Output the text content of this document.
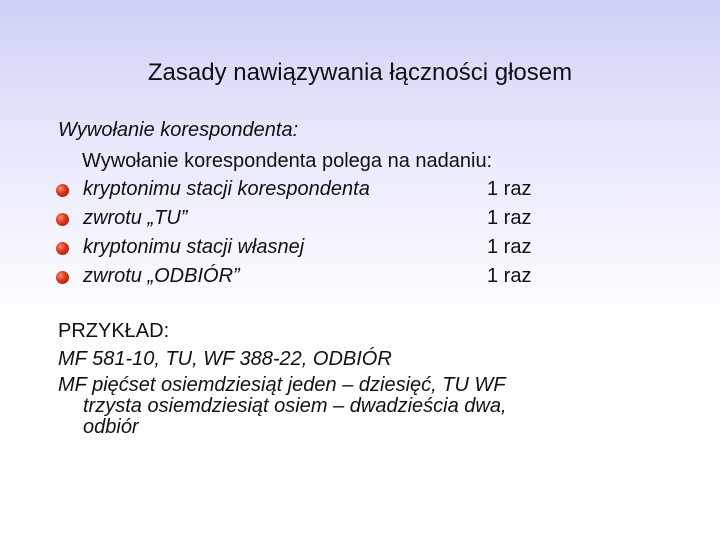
Zasady nawiązywania łączności głosem
Wywołanie korespondenta:
Wywołanie korespondenta polega na nadaniu:
kryptonimu stacji korespondenta	1 raz
zwrotu „TU”	1 raz
kryptonimu stacji własnej	1 raz
zwrotu „ODBIÓR”	1 raz
PRZYKŁAD:
MF 581-10, TU, WF 388-22, ODBIÓR
MF pięćset osiemdziesiąt jeden – dziesięć, TU WF
trzysta osiemdziesiąt osiem – dwadzieścia dwa,
odbiór
